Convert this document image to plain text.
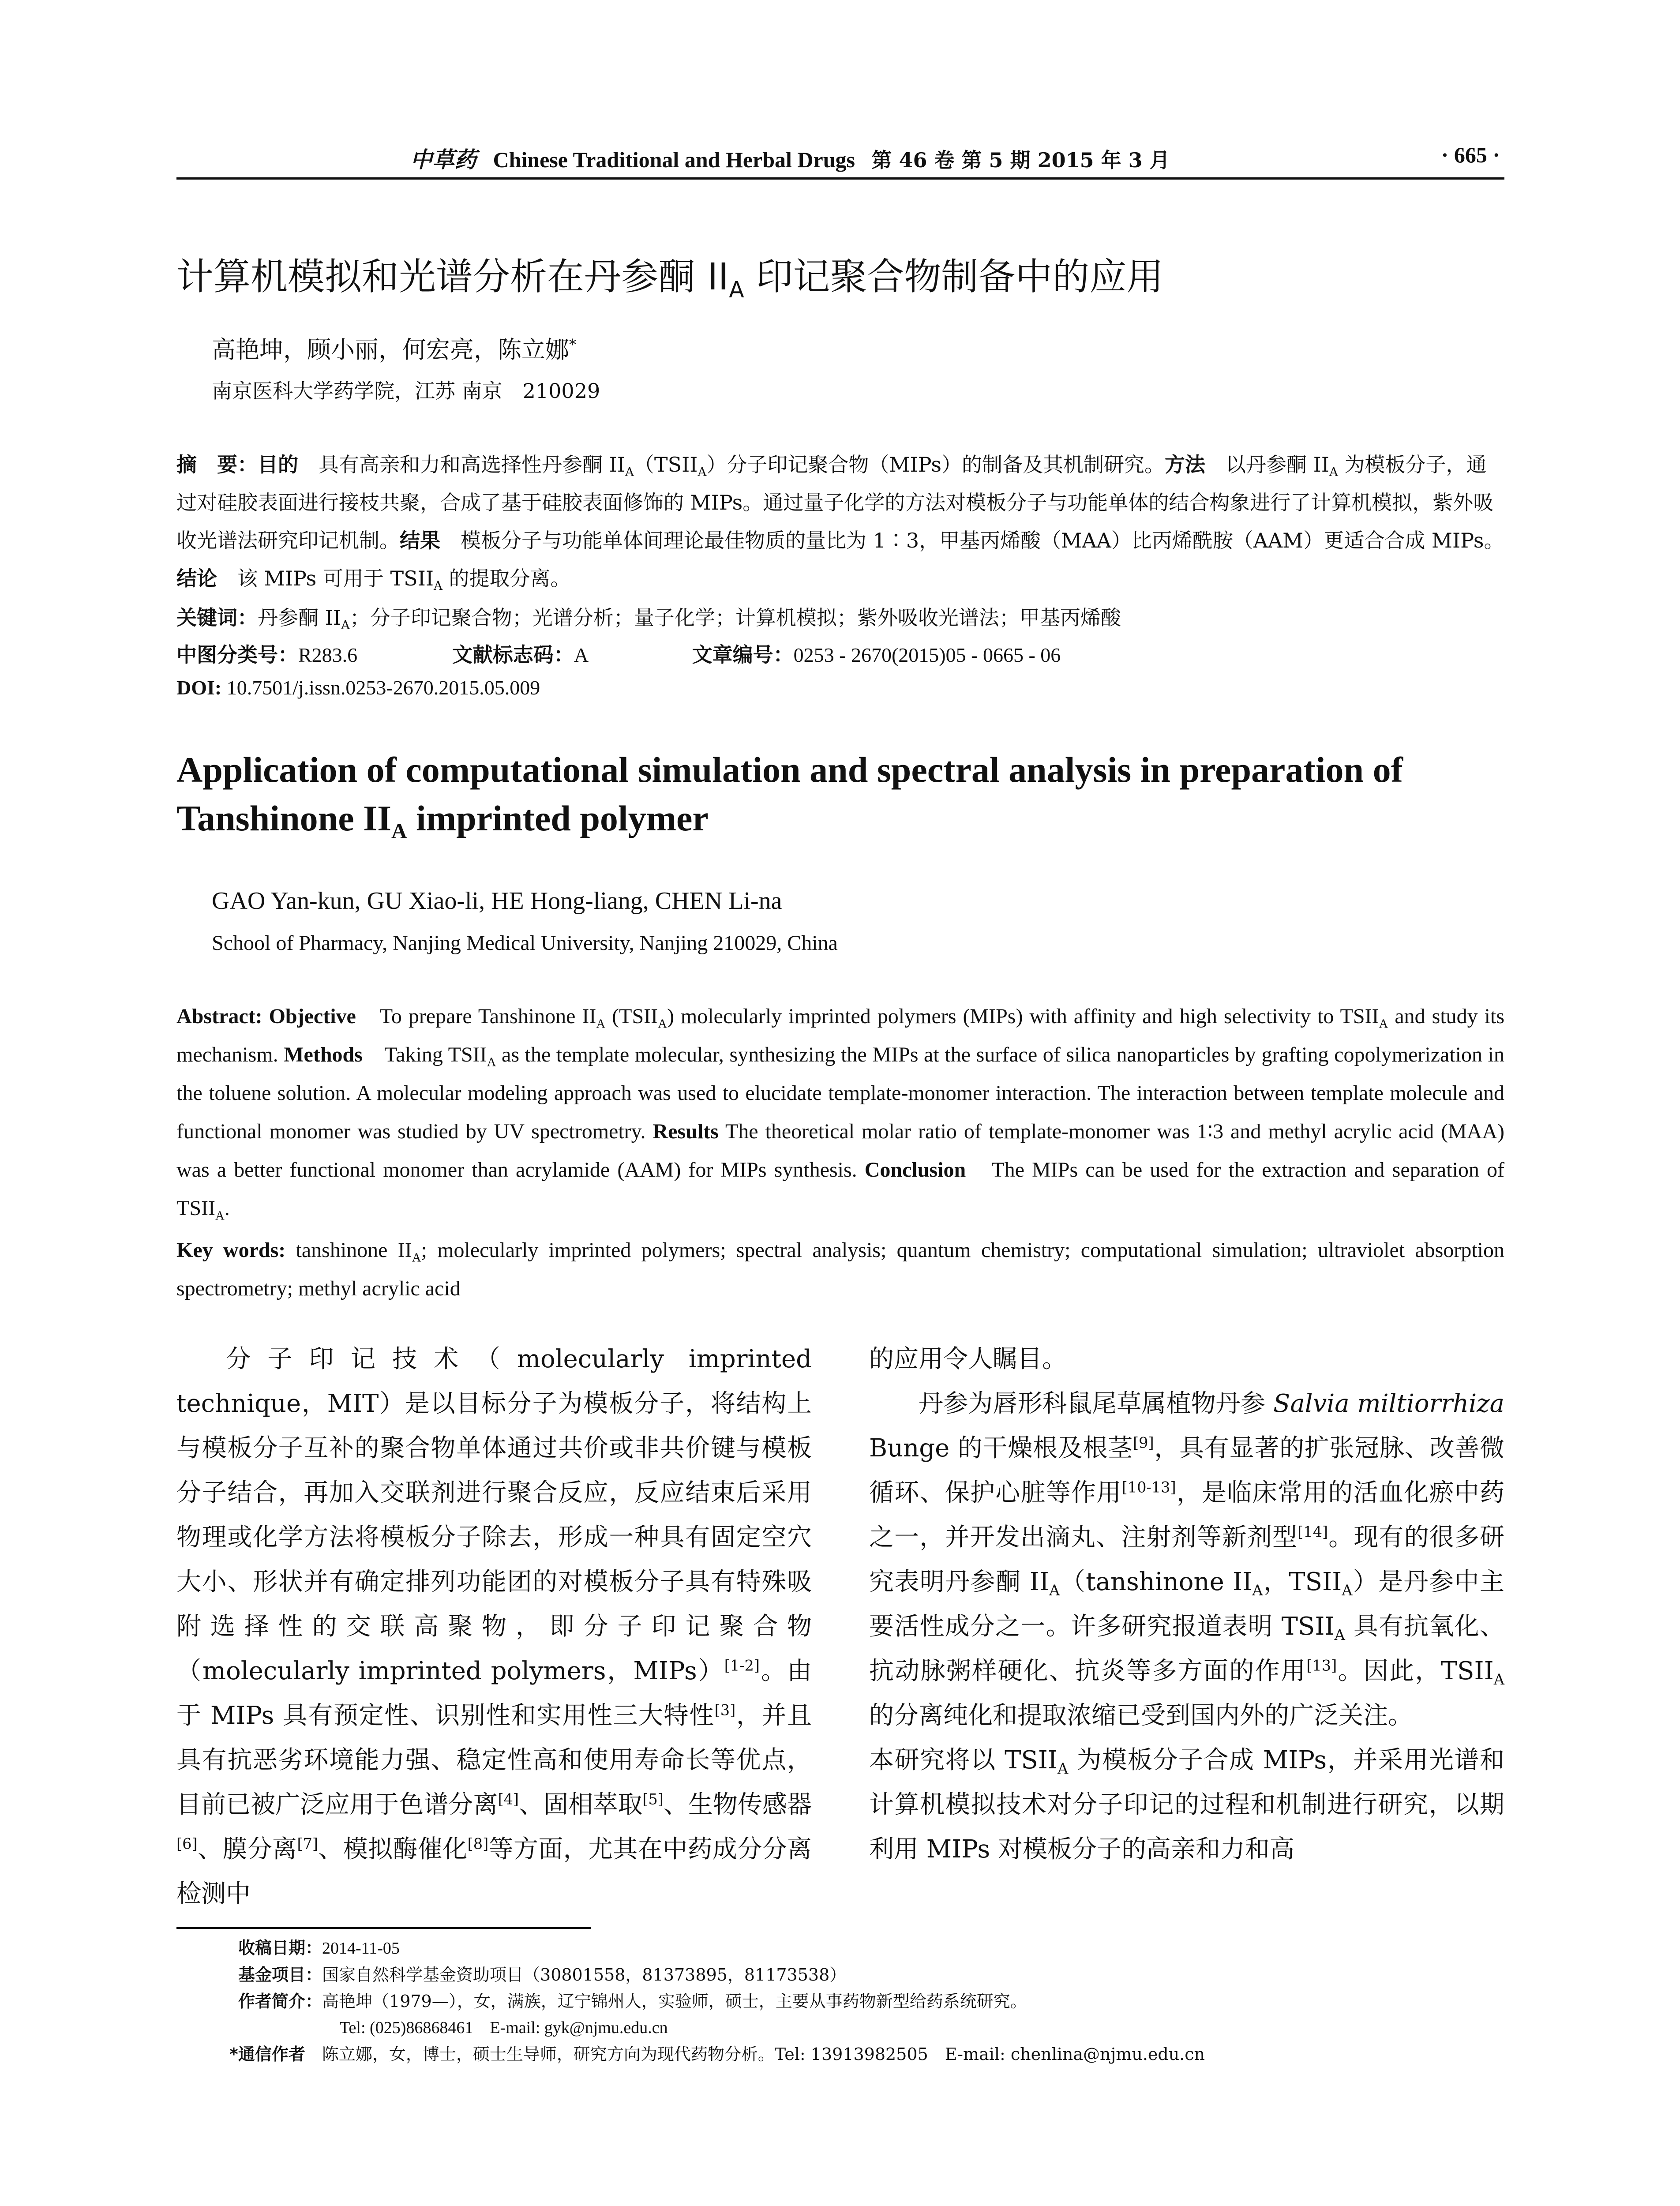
中草药 Chinese Traditional and Herbal Drugs 第 46 卷 第 5 期 2015 年 3 月	· 665 ·
计算机模拟和光谱分析在丹参酮 $II_A$ 印记聚合物制备中的应用
高艳坤，顾小丽，何宏亮，陈立娜*
南京医科大学药学院，江苏 南京　210029
摘　要：目的　具有高亲和力和高选择性丹参酮 $II_A(TSII_A)$分子印记聚合物（MIPs）的制备及其机制研究。方法　以丹参酮 $II_A$ 为模板分子，通过对硅胶表面进行接枝共聚，合成了基于硅胶表面修饰的 MIPs。通过量子化学的方法对模板分子与功能单体的结合构象进行了计算机模拟，紫外吸收光谱法研究印记机制。结果　模板分子与功能单体间理论最佳物质的量比为 1∶3，甲基丙烯酸（MAA）比丙烯酰胺（AAM）更适合合成 MIPs。结论　该 MIPs 可用于 $TSII_A$ 的提取分离。
关键词：丹参酮 $II_A$；分子印记聚合物；光谱分析；量子化学；计算机模拟；紫外吸收光谱法；甲基丙烯酸
中图分类号：R283.6	文献标志码：A	文章编号：0253 - 2670(2015)05 - 0665 - 06
DOI: 10.7501/j.issn.0253-2670.2015.05.009
Application of computational simulation and spectral analysis in preparation of Tanshinone $II_A$ imprinted polymer
GAO Yan-kun, GU Xiao-li, HE Hong-liang, CHEN Li-na
School of Pharmacy, Nanjing Medical University, Nanjing 210029, China
Abstract: Objective　To prepare Tanshinone $II_A$ $(TSII_A)$ molecularly imprinted polymers (MIPs) with affinity and high selectivity to $TSII_A$ and study its mechanism. Methods　Taking $TSII_A$ as the template molecular, synthesizing the MIPs at the surface of silica nanoparticles by grafting copolymerization in the toluene solution. A molecular modeling approach was used to elucidate template-monomer interaction. The interaction between template molecule and functional monomer was studied by UV spectrometry. Results The theoretical molar ratio of template-monomer was 1∶3 and methyl acrylic acid (MAA) was a better functional monomer than acrylamide (AAM) for MIPs synthesis. Conclusion　The MIPs can be used for the extraction and separation of $TSII_A$.
Key words: tanshinone $II_A$; molecularly imprinted polymers; spectral analysis; quantum chemistry; computational simulation; ultraviolet absorption spectrometry; methyl acrylic acid

分子印记技术（molecularly imprinted technique，MIT）是以目标分子为模板分子，将结构上与模板分子互补的聚合物单体通过共价或非共价键与模板分子结合，再加入交联剂进行聚合反应，反应结束后采用物理或化学方法将模板分子除去，形成一种具有固定空穴大小、形状并有确定排列功能团的对模板分子具有特殊吸附选择性的交联高聚物，即分子印记聚合物（molecularly imprinted polymers，MIPs）[1-2]。由于 MIPs 具有预定性、识别性和实用性三大特性[3]，并且具有抗恶劣环境能力强、稳定性高和使用寿命长等优点，目前已被广泛应用于色谱分离[4]、固相萃取[5]、生物传感器[6]、膜分离[7]、模拟酶催化[8]等方面，尤其在中药成分分离检测中

的应用令人瞩目。

丹参为唇形科鼠尾草属植物丹参 Salvia miltiorrhiza Bunge 的干燥根及根茎[9]，具有显著的扩张冠脉、改善微循环、保护心脏等作用[10-13]，是临床常用的活血化瘀中药之一，并开发出滴丸、注射剂等新剂型[14]。现有的很多研究表明丹参酮 $II_A(tanshinone$ $II_A$，$TSII_A$）是丹参中主要活性成分之一。许多研究报道表明 $TSII_A$ 具有抗氧化、抗动脉粥样硬化、抗炎等多方面的作用[13]。因此，$TSII_A$ 的分离纯化和提取浓缩已受到国内外的广泛关注。

本研究将以 $TSII_A$ 为模板分子合成 MIPs，并采用光谱和计算机模拟技术对分子印记的过程和机制进行研究，以期利用 MIPs 对模板分子的高亲和力和高

收稿日期：2014-11-05
基金项目：国家自然科学基金资助项目（30801558，81373895，81173538）
作者简介：高艳坤（1979—），女，满族，辽宁锦州人，实验师，硕士，主要从事药物新型给药系统研究。
Tel: (025)86868461　E-mail: gyk@njmu.edu.cn
*通信作者　陈立娜，女，博士，硕士生导师，研究方向为现代药物分析。Tel: 13913982505　E-mail: chenlina@njmu.edu.cn
